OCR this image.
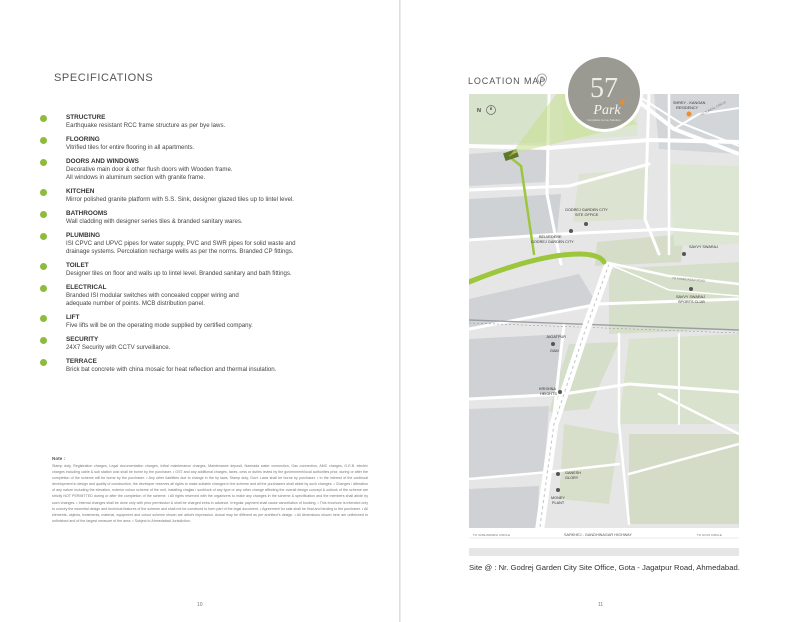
SPECIFICATIONS
STRUCTURE
Earthquake resistant RCC frame structure as per bye laws.
FLOORING
Vitrified tiles for entire flooring in all apartments.
DOORS AND WINDOWS
Decorative main door & other flush doors with Wooden frame.
All windows in aluminum section with granite frame.
KITCHEN
Mirror polished granite platform with S.S. Sink, designer glazed tiles up to lintel level.
BATHROOMS
Wall cladding with designer series tiles & branded sanitary wares.
PLUMBING
ISI CPVC and UPVC pipes for water supply, PVC and SWR pipes for solid waste and
drainage systems. Percolation recharge wells as per the norms. Branded CP fittings.
TOILET
Designer tiles on floor and walls up to lintel level. Branded sanitary and bath fittings.
ELECTRICAL
Branded ISI modular switches with concealed copper wiring and
adequate number of points. MCB distribution panel.
LIFT
Five lifts will be on the operating mode supplied by certified company.
SECURITY
24X7 Security with CCTV surveillance.
TERRACE
Brick bat concrete with china mosaic for heat reflection and thermal insulation.
Note :
Stamp duty, Registration charges, Legal documentation charges, Initial maintenance charges, Maintenance deposit, Narmada water connection, Gas connection, AMC charges, G.E.B. electric charges including cable & sub station cost shall be borne by the purchaser. • GST and any additional charges, taxes, cess or duties levied by the government/local authorities prior, during or after the completion of the scheme will be borne by the purchaser. • Any other liabilities due to change in the by laws, Stamp duty, Govt. Laws shall be borne by purchaser. • In the interest of the continual development in design and quality of construction, the developer reserves all rights to make suitable changes in the scheme and all the purchasers shall abide by such changes. • Changes / alteration of any nature including the elevation, exterior colour scheme of the unit, installing chajjas / sunblock of any type or any other change affecting the overall design concept & outlook of the scheme are strictly NOT PERMITTED during or after the completion of the scheme. • All rights reserved with the organizers to make any changes in the scheme & specification and the members shall abide by such changes. • Internal changes shall be done only with prior permission & shall be charged extra in advance. Irregular payment shall cause cancellation of booking. • This brochure is intended only to convey the essential design and technical features of the scheme and shall not be construed to form part of the legal document. • Agreement for sale shall be final and binding to the purchaser. • All elements, objects, treatments, material, equipment and colour scheme shown are artist's impression. Actual may be different as per architect's design. • All dimensions shown here are unfinished to unfinished and of the largest measure of the area. • Subject to Ahmedabad Jurisdiction.
10
LOCATION MAP
N
SHREY - KANGAN
RESIDENCY
BELVEDERE
GODREJ GARDEN CITY
GODREJ GARDEN CITY
SITE OFFICE
SAVVY SWARAJ
SAVVY SWARAJ
SPORTS CLUB
JAGATPUR
GAM
KRISHNA
HEIGHTS
GANESH
GLORY
MONEY
PLANT
TO ZUNDAL CIRCLE
TO AHMEDABAD ROAD
TO VAISHNODEVI CIRCLE	TO GOTA CIRCLE
SARKHEJ - GANDHINAGAR HIGHWAY
57
Park
Complete Home Solution
Site @ : Nr. Godrej Garden City Site Office, Gota - Jagatpur Road, Ahmedabad.
11
